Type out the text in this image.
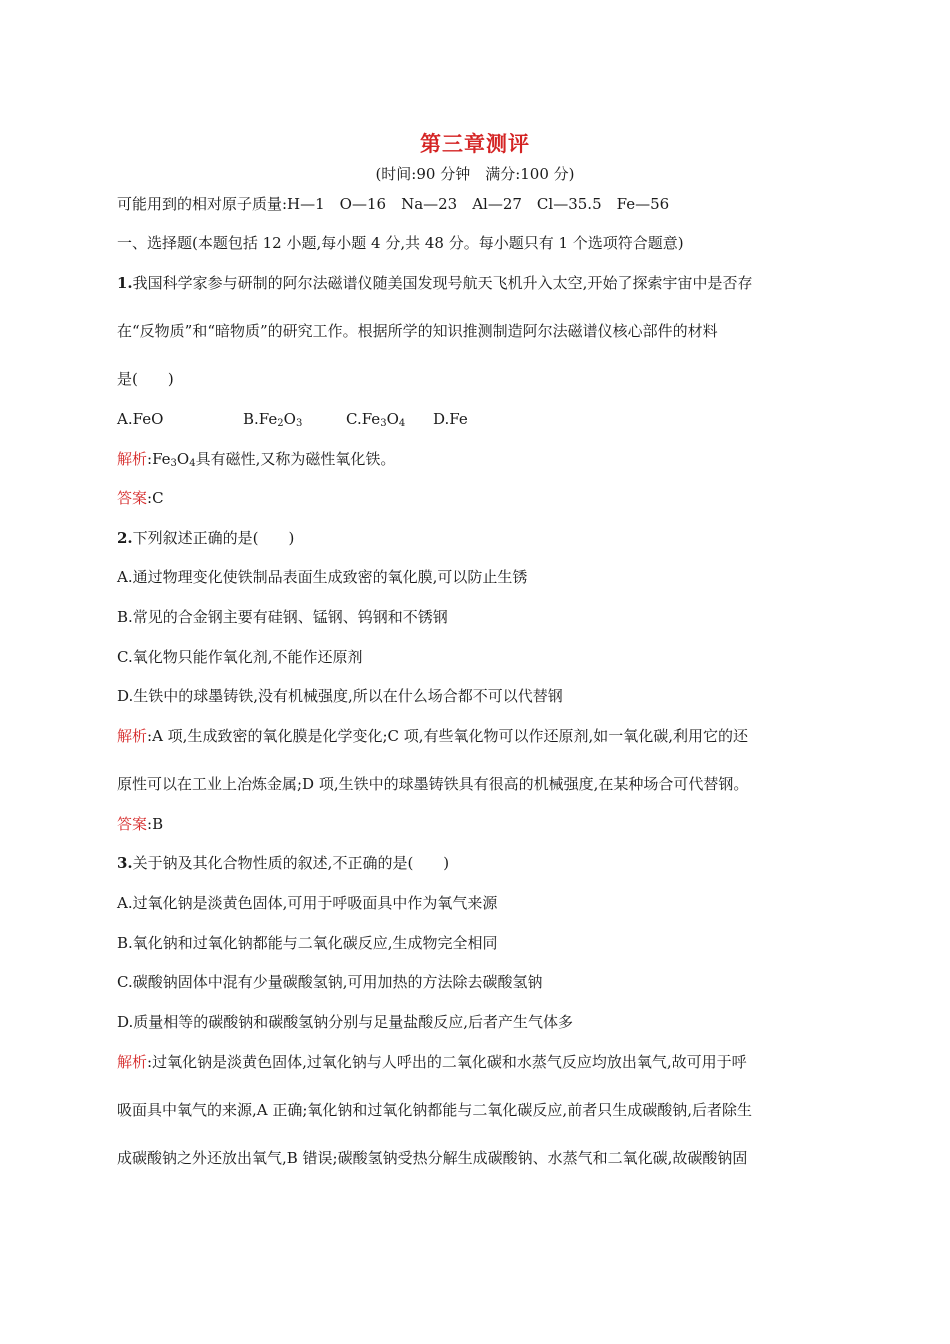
第三章测评
(时间:90 分钟　满分:100 分)
可能用到的相对原子质量:H—1　O—16　Na—23　Al—27　Cl—35.5　Fe—56
一、选择题(本题包括 12 小题,每小题 4 分,共 48 分。每小题只有 1 个选项符合题意)
1.我国科学家参与研制的阿尔法磁谱仪随美国发现号航天飞机升入太空,开始了探索宇宙中是否存
在“反物质”和“暗物质”的研究工作。根据所学的知识推测制造阿尔法磁谱仪核心部件的材料
是(　　)
A.FeO	$B.Fe_2O_3$	$C.Fe_3O_4$ D.Fe
解析$:Fe_3O_4$具有磁性,又称为磁性氧化铁。
答案:C
2.下列叙述正确的是(　　)
A.通过物理变化使铁制品表面生成致密的氧化膜,可以防止生锈
B.常见的合金钢主要有硅钢、锰钢、钨钢和不锈钢
C.氧化物只能作氧化剂,不能作还原剂
D.生铁中的球墨铸铁,没有机械强度,所以在什么场合都不可以代替钢
解析:A 项,生成致密的氧化膜是化学变化;C 项,有些氧化物可以作还原剂,如一氧化碳,利用它的还
原性可以在工业上冶炼金属;D 项,生铁中的球墨铸铁具有很高的机械强度,在某种场合可代替钢。
答案:B
3.关于钠及其化合物性质的叙述,不正确的是(　　)
A.过氧化钠是淡黄色固体,可用于呼吸面具中作为氧气来源
B.氧化钠和过氧化钠都能与二氧化碳反应,生成物完全相同
C.碳酸钠固体中混有少量碳酸氢钠,可用加热的方法除去碳酸氢钠
D.质量相等的碳酸钠和碳酸氢钠分别与足量盐酸反应,后者产生气体多
解析:过氧化钠是淡黄色固体,过氧化钠与人呼出的二氧化碳和水蒸气反应均放出氧气,故可用于呼
吸面具中氧气的来源,A 正确;氧化钠和过氧化钠都能与二氧化碳反应,前者只生成碳酸钠,后者除生
成碳酸钠之外还放出氧气,B 错误;碳酸氢钠受热分解生成碳酸钠、水蒸气和二氧化碳,故碳酸钠固
